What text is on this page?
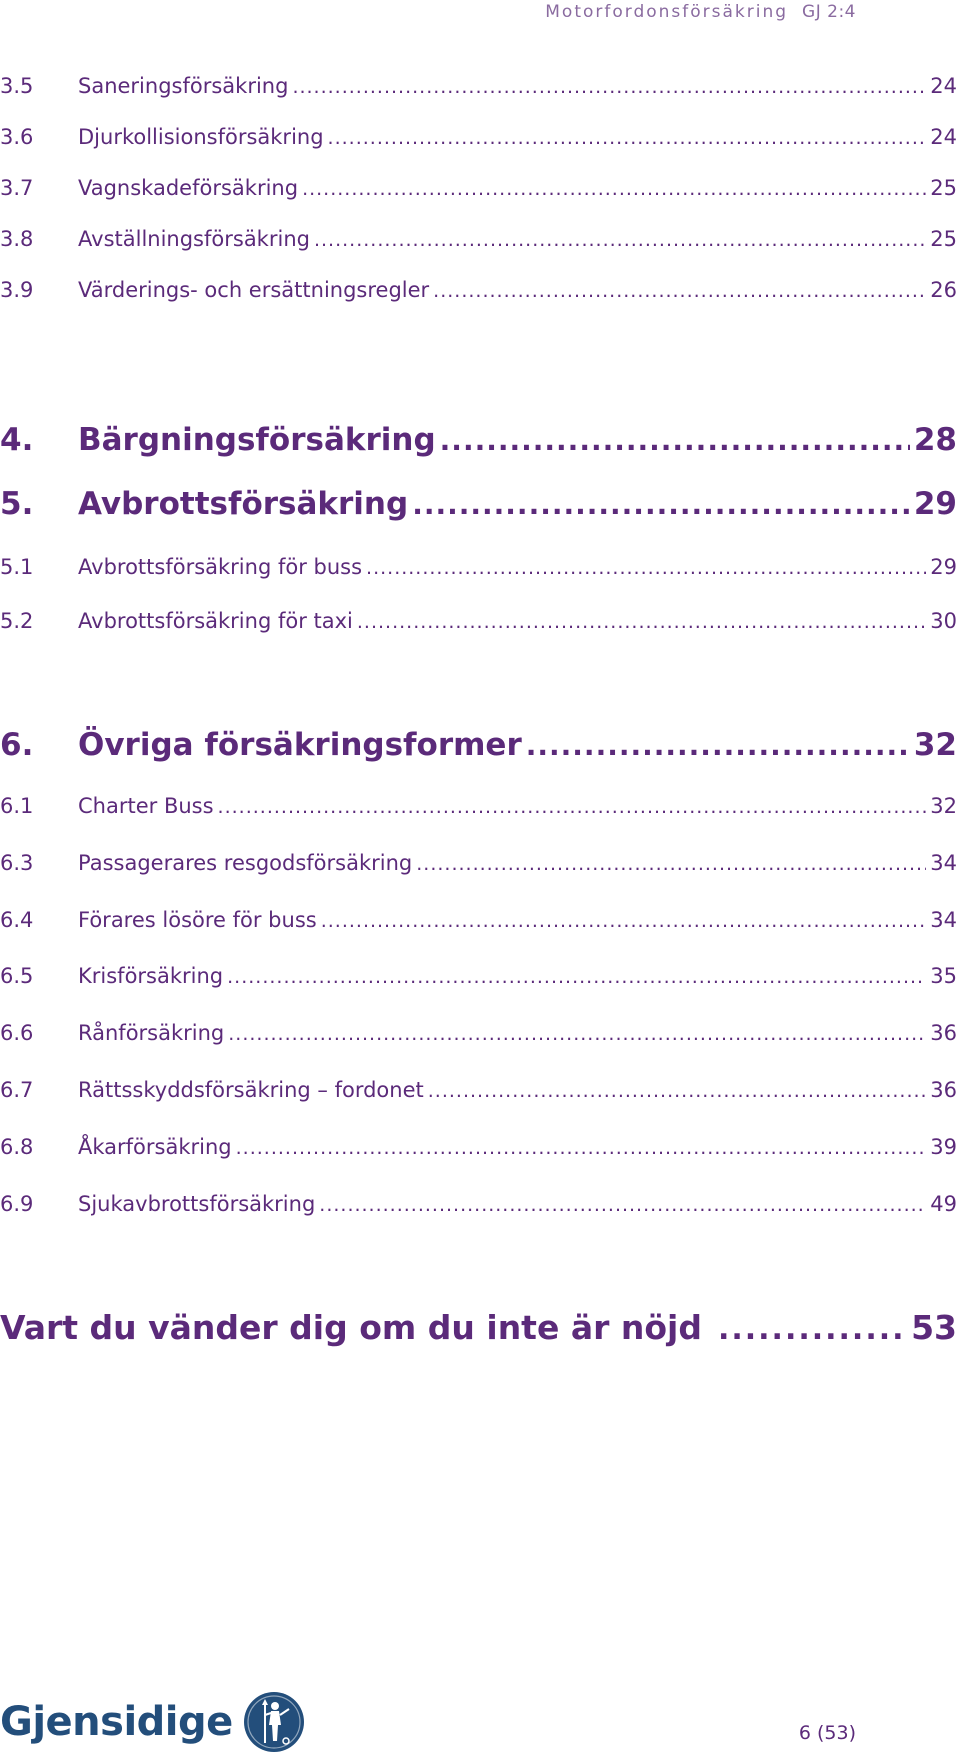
Motorfordonsförsäkring GJ 2:4
3.5	Saneringsförsäkring .....	24
3.6	Djurkollisionsförsäkring .....	24
3.7	Vagnskadeförsäkring .....	25
3.8	Avställningsförsäkring .....	25
3.9	Värderings- och ersättningsregler .....	26
4.	Bärgningsförsäkring .....	28
5.	Avbrottsförsäkring .....	29
5.1	Avbrottsförsäkring för buss .....	29
5.2	Avbrottsförsäkring för taxi .....	30
6.	Övriga försäkringsformer .....	32
6.1	Charter Buss .....	32
6.3	Passagerares resgodsförsäkring .....	34
6.4	Förares lösöre för buss .....	34
6.5	Krisförsäkring .....	35
6.6	Rånförsäkring .....	36
6.7	Rättsskyddsförsäkring – fordonet .....	36
6.8	Åkarförsäkring .....	39
6.9	Sjukavbrottsförsäkring .....	49
Vart du vänder dig om du inte är nöjd .....	53
Gjensidige	6 (53)
